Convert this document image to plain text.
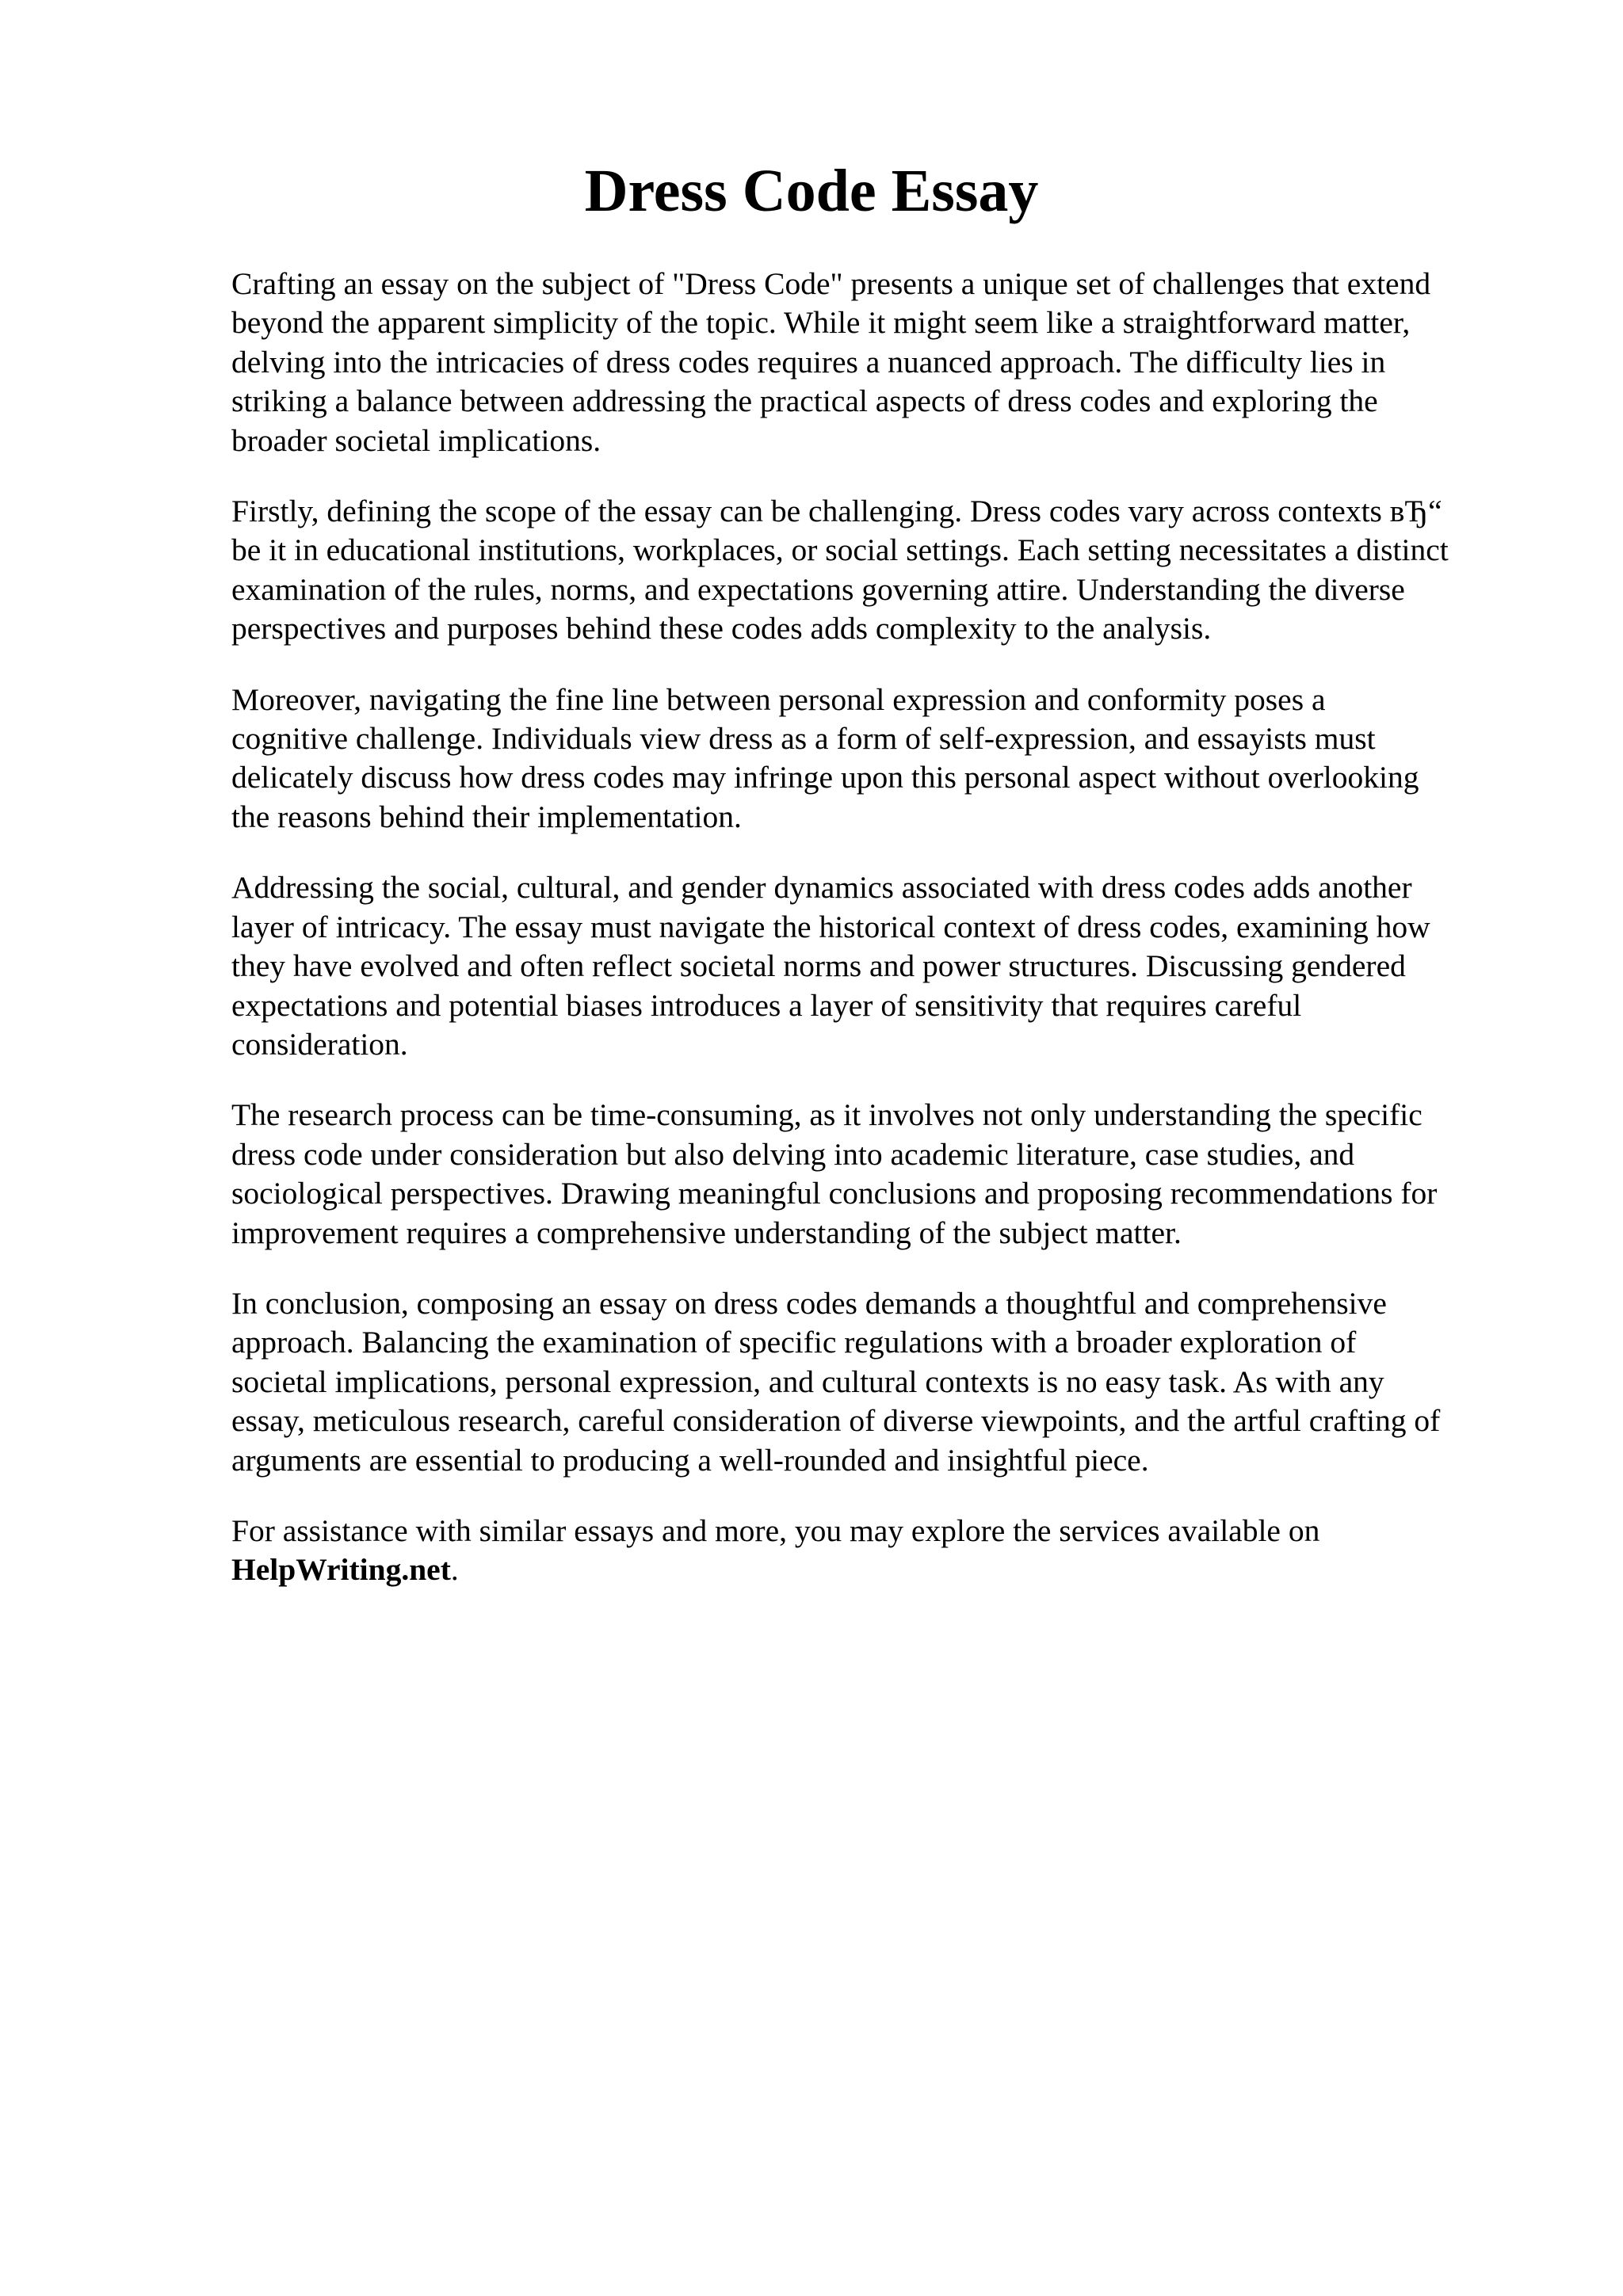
Dress Code Essay

Crafting an essay on the subject of "Dress Code" presents a unique set of challenges that extend
beyond the apparent simplicity of the topic. While it might seem like a straightforward matter,
delving into the intricacies of dress codes requires a nuanced approach. The difficulty lies in
striking a balance between addressing the practical aspects of dress codes and exploring the
broader societal implications.

Firstly, defining the scope of the essay can be challenging. Dress codes vary across contexts вЂ“
be it in educational institutions, workplaces, or social settings. Each setting necessitates a distinct
examination of the rules, norms, and expectations governing attire. Understanding the diverse
perspectives and purposes behind these codes adds complexity to the analysis.

Moreover, navigating the fine line between personal expression and conformity poses a
cognitive challenge. Individuals view dress as a form of self-expression, and essayists must
delicately discuss how dress codes may infringe upon this personal aspect without overlooking
the reasons behind their implementation.

Addressing the social, cultural, and gender dynamics associated with dress codes adds another
layer of intricacy. The essay must navigate the historical context of dress codes, examining how
they have evolved and often reflect societal norms and power structures. Discussing gendered
expectations and potential biases introduces a layer of sensitivity that requires careful
consideration.

The research process can be time-consuming, as it involves not only understanding the specific
dress code under consideration but also delving into academic literature, case studies, and
sociological perspectives. Drawing meaningful conclusions and proposing recommendations for
improvement requires a comprehensive understanding of the subject matter.

In conclusion, composing an essay on dress codes demands a thoughtful and comprehensive
approach. Balancing the examination of specific regulations with a broader exploration of
societal implications, personal expression, and cultural contexts is no easy task. As with any
essay, meticulous research, careful consideration of diverse viewpoints, and the artful crafting of
arguments are essential to producing a well-rounded and insightful piece.

For assistance with similar essays and more, you may explore the services available on
HelpWriting.net.
